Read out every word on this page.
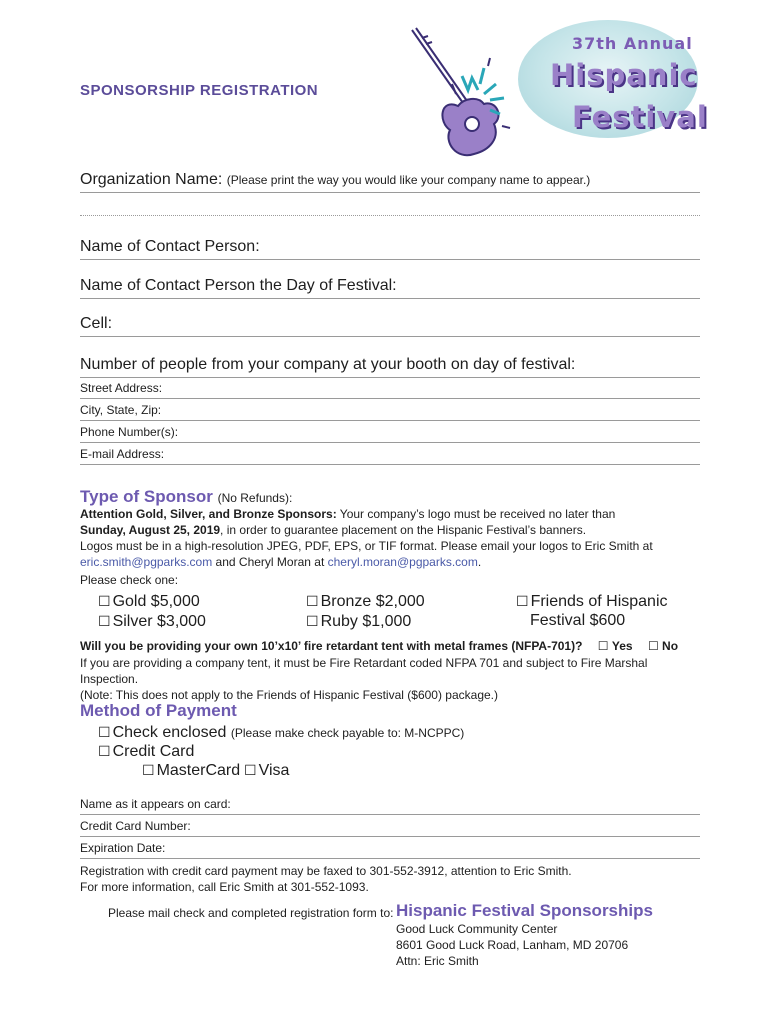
37th Annual
Hispanic
Festival
SPONSORSHIP REGISTRATION
Organization Name: (Please print the way you would like your company name to appear.)
Name of Contact Person:
Name of Contact Person the Day of Festival:
Cell:
Number of people from your company at your booth on day of festival:
Street Address:
City, State, Zip:
Phone Number(s):
E-mail Address:
Type of Sponsor (No Refunds):
Attention Gold, Silver, and Bronze Sponsors: Your company’s logo must be received no later than
Sunday, August 25, 2019, in order to guarantee placement on the Hispanic Festival’s banners.
Logos must be in a high-resolution JPEG, PDF, EPS, or TIF format. Please email your logos to Eric Smith at
eric.smith@pgparks.com and Cheryl Moran at cheryl.moran@pgparks.com.
Please check one:
☐ Gold $5,000
☐ Silver $3,000
☐ Bronze $2,000
☐ Ruby $1,000
☐ Friends of Hispanic
Festival $600
Will you be providing your own 10’x10’ fire retardant tent with metal frames (NFPA-701)? ☐ Yes ☐ No
If you are providing a company tent, it must be Fire Retardant coded NFPA 701 and subject to Fire Marshal Inspection.
(Note: This does not apply to the Friends of Hispanic Festival ($600) package.)
Method of Payment
☐ Check enclosed (Please make check payable to: M-NCPPC)
☐ Credit Card
☐ MasterCard ☐ Visa
Name as it appears on card:
Credit Card Number:
Expiration Date:
Registration with credit card payment may be faxed to 301-552-3912, attention to Eric Smith.
For more information, call Eric Smith at 301-552-1093.
Please mail check and completed registration form to: Hispanic Festival Sponsorships
Good Luck Community Center
8601 Good Luck Road, Lanham, MD 20706
Attn: Eric Smith
